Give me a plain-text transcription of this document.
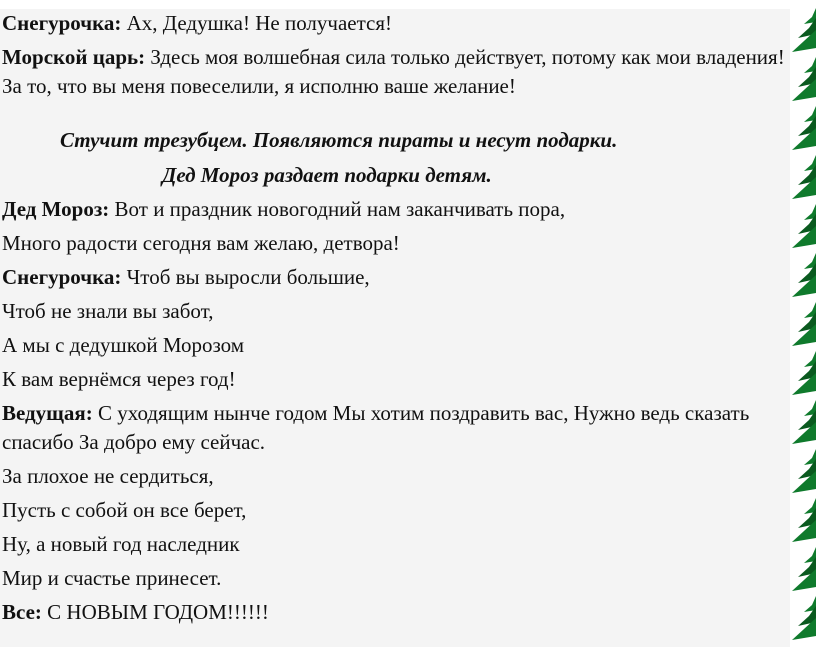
Снегурочка: Ах, Дедушка! Не получается!

Морской царь: Здесь моя волшебная сила только действует, потому как мои владения! За то, что вы меня повеселили, я исполню ваше желание!

Стучит трезубцем. Появляются пираты и несут подарки.

Дед Мороз раздает подарки детям.

Дед Мороз: Вот и праздник новогодний нам заканчивать пора,

Много радости сегодня вам желаю, детвора!

Снегурочка: Чтоб вы выросли большие,

Чтоб не знали вы забот,

А мы с дедушкой Морозом

К вам вернёмся через год!

Ведущая: С уходящим нынче годом Мы хотим поздравить вас, Нужно ведь сказать спасибо За добро ему сейчас.

За плохое не сердиться,

Пусть с собой он все берет,

Ну, а новый год наследник

Мир и счастье принесет.

Все: С НОВЫМ ГОДОМ!!!!!!
